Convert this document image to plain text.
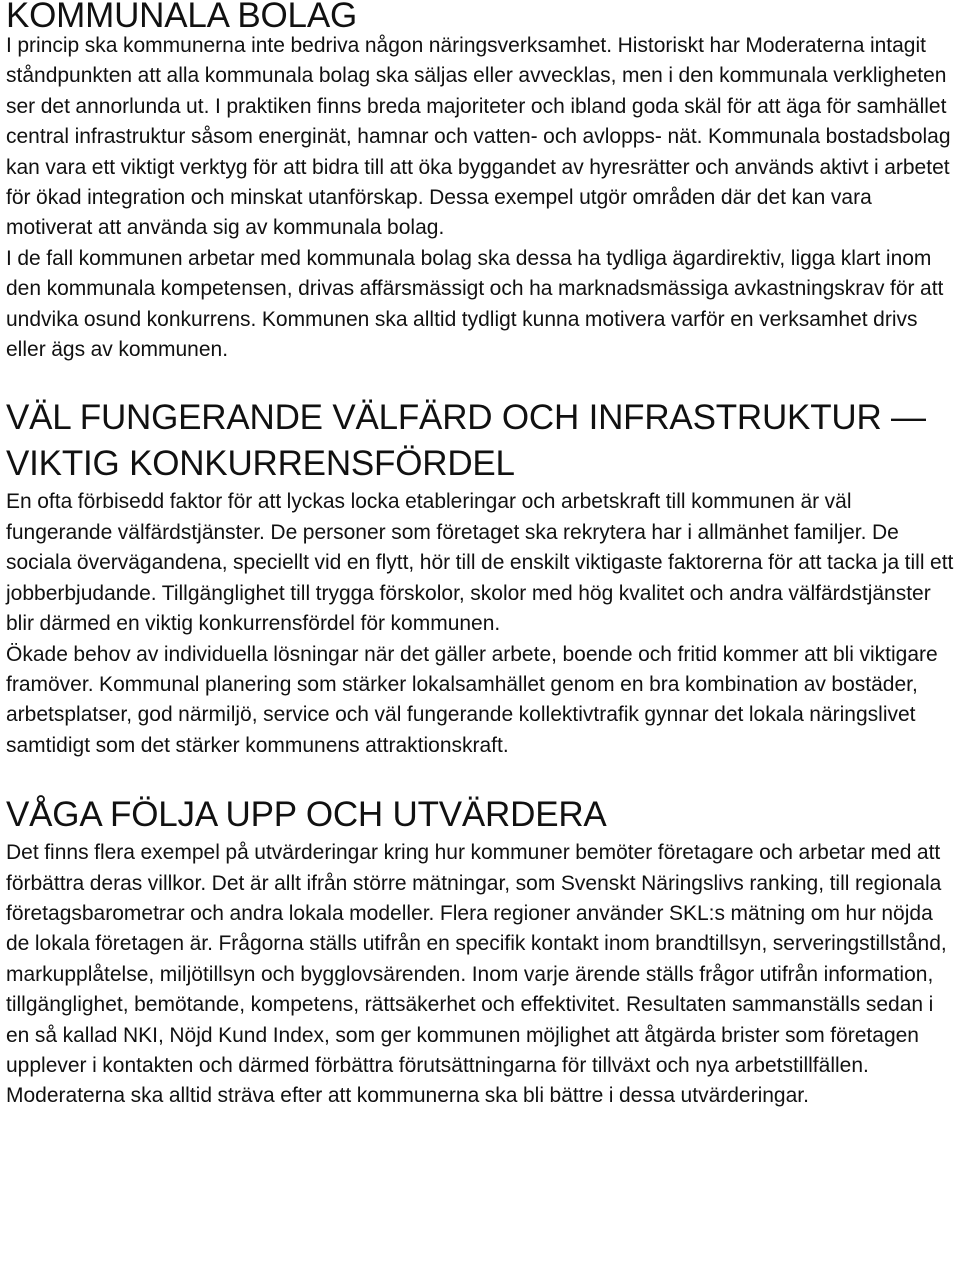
KOMMUNALA BOLAG

I princip ska kommunerna inte bedriva någon näringsverksamhet. Historiskt har Moderaterna intagit ståndpunkten att alla kommunala bolag ska säljas eller avvecklas, men i den kommunala verkligheten ser det annorlunda ut. I praktiken finns breda majoriteter och ibland goda skäl för att äga för samhället central infrastruktur såsom energinät, hamnar och vatten- och avlopps- nät. Kommunala bostadsbolag kan vara ett viktigt verktyg för att bidra till att öka byggandet av hyresrätter och används aktivt i arbetet för ökad integration och minskat utanförskap. Dessa exempel utgör områden där det kan vara motiverat att använda sig av kommunala bolag.

I de fall kommunen arbetar med kommunala bolag ska dessa ha tydliga ägardirektiv, ligga klart inom den kommunala kompetensen, drivas affärsmässigt och ha marknadsmässiga avkastningskrav för att undvika osund konkurrens. Kommunen ska alltid tydligt kunna motivera varför en verksamhet drivs eller ägs av kommunen.

VÄL FUNGERANDE VÄLFÄRD OCH INFRASTRUKTUR — VIKTIG KONKURRENSFÖRDEL

En ofta förbisedd faktor för att lyckas locka etableringar och arbetskraft till kommunen är väl fungerande välfärdstjänster. De personer som företaget ska rekrytera har i allmänhet familjer. De sociala övervägandena, speciellt vid en flytt, hör till de enskilt viktigaste faktorerna för att tacka ja till ett jobberbjudande. Tillgänglighet till trygga förskolor, skolor med hög kvalitet och andra välfärdstjänster blir därmed en viktig konkurrensfördel för kommunen.

Ökade behov av individuella lösningar när det gäller arbete, boende och fritid kommer att bli viktigare framöver. Kommunal planering som stärker lokalsamhället genom en bra kombination av bostäder, arbetsplatser, god närmiljö, service och väl fungerande kollektivtrafik gynnar det lokala näringslivet samtidigt som det stärker kommunens attraktionskraft.

VÅGA FÖLJA UPP OCH UTVÄRDERA

Det finns flera exempel på utvärderingar kring hur kommuner bemöter företagare och arbetar med att förbättra deras villkor. Det är allt ifrån större mätningar, som Svenskt Näringslivs ranking, till regionala företagsbarometrar och andra lokala modeller. Flera regioner använder SKL:s mätning om hur nöjda de lokala företagen är. Frågorna ställs utifrån en specifik kontakt inom brandtillsyn, serveringstillstånd, markupplåtelse, miljötillsyn och bygglovsärenden. Inom varje ärende ställs frågor utifrån information, tillgänglighet, bemötande, kompetens, rättsäkerhet och effektivitet. Resultaten sammanställs sedan i en så kallad NKI, Nöjd Kund Index, som ger kommunen möjlighet att åtgärda brister som företagen upplever i kontakten och därmed förbättra förutsättningarna för tillväxt och nya arbetstillfällen. Moderaterna ska alltid sträva efter att kommunerna ska bli bättre i dessa utvärderingar.
